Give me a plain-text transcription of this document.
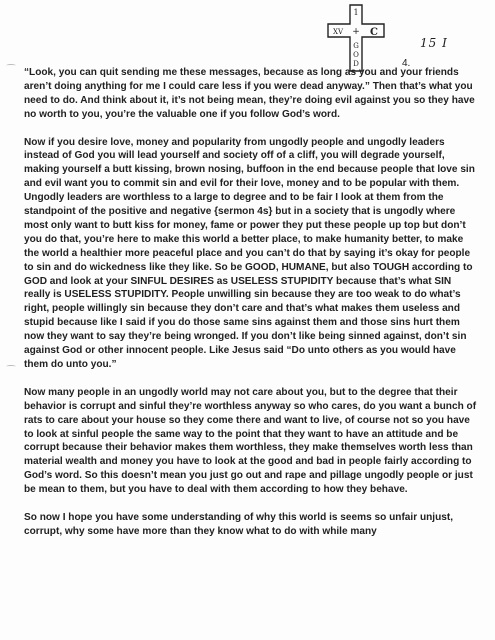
1
XV + C
G
O
D
15 I
4.

“Look, you can quit sending me these messages, because as long as you and your friends aren’t doing anything for me I could care less if you were dead anyway.” Then that’s what you need to do. And think about it, it’s not being mean, they’re doing evil against you so they have no worth to you, you’re the valuable one if you follow God’s word.

Now if you desire love, money and popularity from ungodly people and ungodly leaders instead of God you will lead yourself and society off of a cliff, you will degrade yourself, making yourself a butt kissing, brown nosing, buffoon in the end because people that love sin and evil want you to commit sin and evil for their love, money and to be popular with them. Ungodly leaders are worthless to a large to degree and to be fair I look at them from the standpoint of the positive and negative {sermon 4s} but in a society that is ungodly where most only want to butt kiss for money, fame or power they put these people up top but don’t you do that, you’re here to make this world a better place, to make humanity better, to make the world a healthier more peaceful place and you can’t do that by saying it’s okay for people to sin and do wickedness like they like. So be GOOD, HUMANE, but also TOUGH according to GOD and look at your SINFUL DESIRES as USELESS STUPIDITY because that’s what SIN really is USELESS STUPIDITY. People unwilling sin because they are too weak to do what’s right, people willingly sin because they don’t care and that’s what makes them useless and stupid because like I said if you do those same sins against them and those sins hurt them now they want to say they’re being wronged. If you don’t like being sinned against, don’t sin against God or other innocent people. Like Jesus said “Do unto others as you would have them do unto you.”

Now many people in an ungodly world may not care about you, but to the degree that their behavior is corrupt and sinful they’re worthless anyway so who cares, do you want a bunch of rats to care about your house so they come there and want to live, of course not so you have to look at sinful people the same way to the point that they want to have an attitude and be corrupt because their behavior makes them worthless, they make themselves worth less than material wealth and money you have to look at the good and bad in people fairly according to God’s word. So this doesn’t mean you just go out and rape and pillage ungodly people or just be mean to them, but you have to deal with them according to how they behave.

So now I hope you have some understanding of why this world is seems so unfair unjust, corrupt, why some have more than they know what to do with while many
